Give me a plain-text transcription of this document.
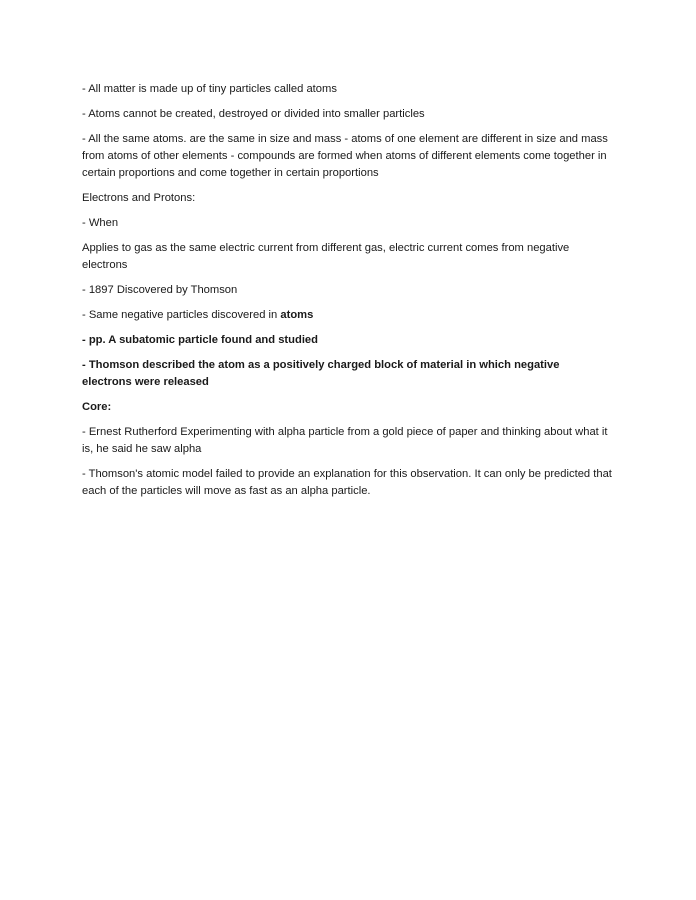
- All matter is made up of tiny particles called atoms

- Atoms cannot be created, destroyed or divided into smaller particles

- All the same atoms. are the same in size and mass - atoms of one element are different in size and mass from atoms of other elements - compounds are formed when atoms of different elements come together in certain proportions and come together in certain proportions

Electrons and Protons:

- When

Applies to gas as the same electric current from different gas, electric current comes from negative electrons

- 1897 Discovered by Thomson

- Same negative particles discovered in atoms

- pp. A subatomic particle found and studied

- Thomson described the atom as a positively charged block of material in which negative electrons were released

Core:

- Ernest Rutherford Experimenting with alpha particle from a gold piece of paper and thinking about what it is, he said he saw alpha

- Thomson's atomic model failed to provide an explanation for this observation. It can only be predicted that each of the particles will move as fast as an alpha particle.
